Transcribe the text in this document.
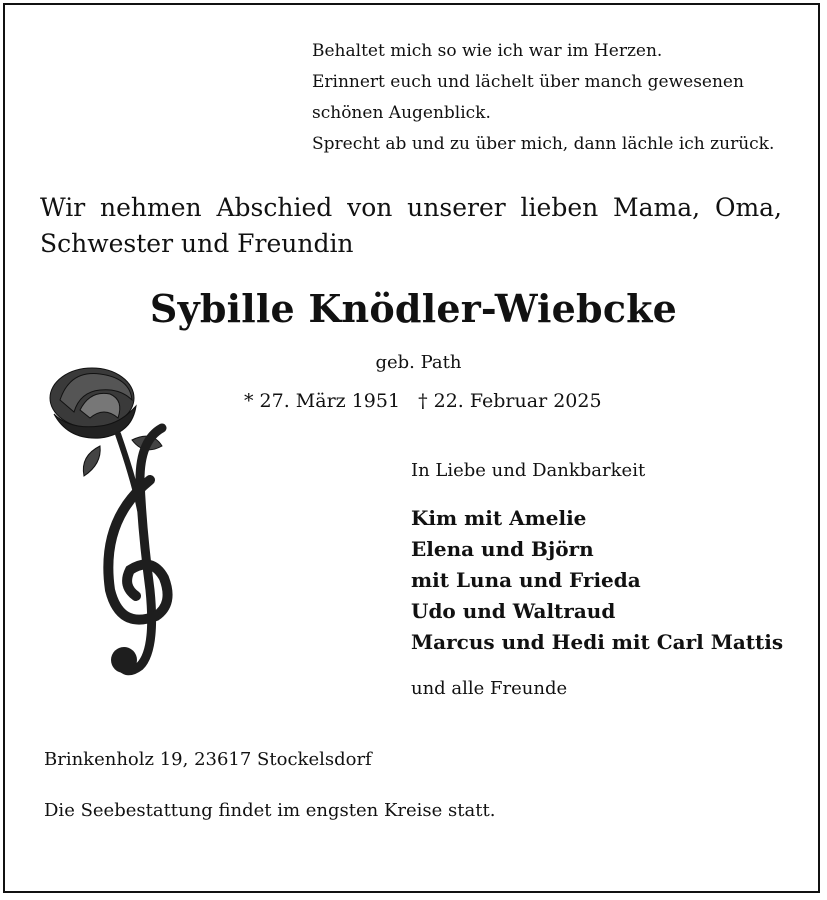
Behaltet mich so wie ich war im Herzen.
Erinnert euch und lächelt über manch gewesenen
schönen Augenblick.
Sprecht ab und zu über mich, dann lächle ich zurück.
Wir nehmen Abschied von unserer lieben Mama, Oma,
Schwester und Freundin
Sybille Knödler-Wiebcke
geb. Path
* 27. März 1951 † 22. Februar 2025
In Liebe und Dankbarkeit
Kim mit Amelie
Elena und Björn
mit Luna und Frieda
Udo und Waltraud
Marcus und Hedi mit Carl Mattis
und alle Freunde
Brinkenholz 19, 23617 Stockelsdorf
Die Seebestattung findet im engsten Kreise statt.
